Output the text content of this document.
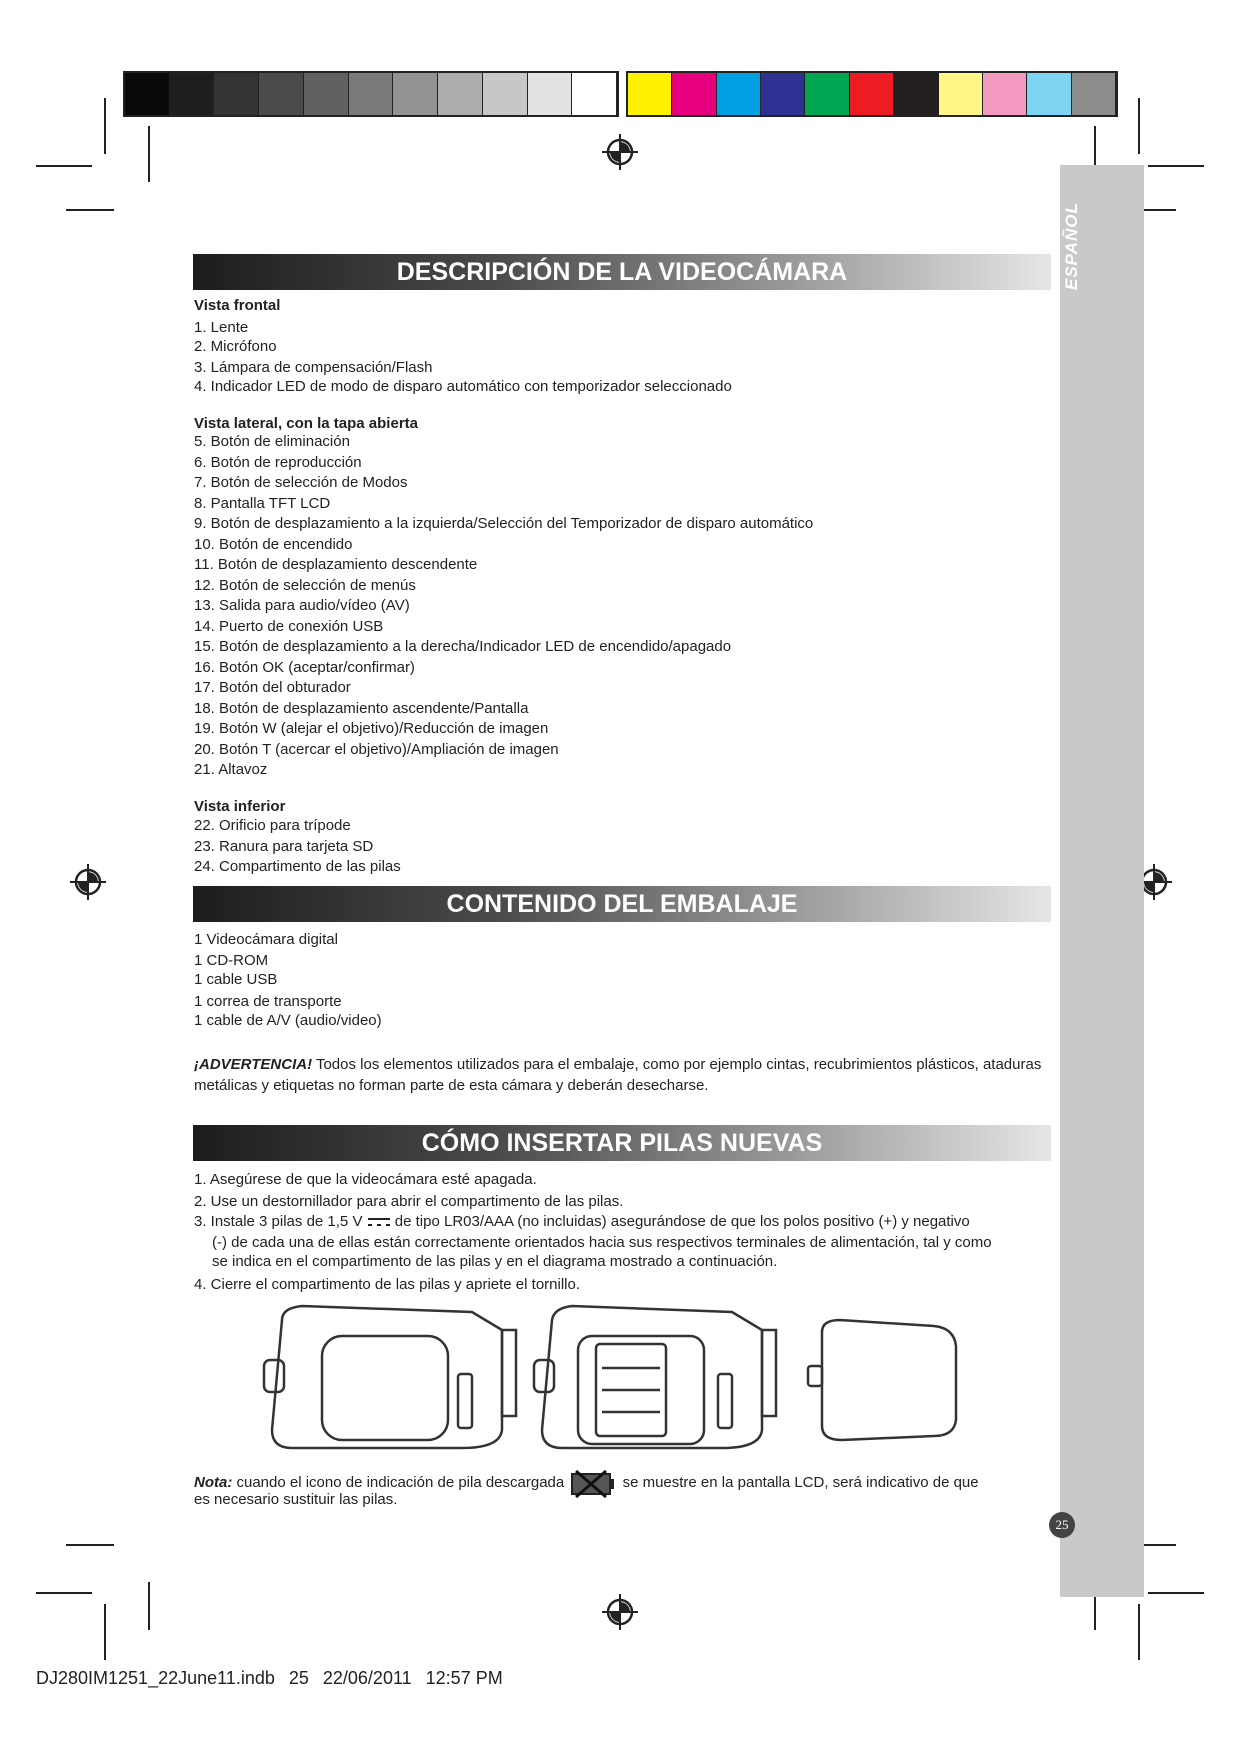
DESCRIPCIÓN DE LA VIDEOCÁMARA
Vista frontal
1. Lente
2. Micrófono
3. Lámpara de compensación/Flash
4. Indicador LED de modo de disparo automático con temporizador seleccionado
Vista lateral, con la tapa abierta
5. Botón de eliminación
6. Botón de reproducción
7. Botón de selección de Modos
8. Pantalla TFT LCD
9. Botón de desplazamiento a la izquierda/Selección del Temporizador de disparo automático
10. Botón de encendido
11. Botón de desplazamiento descendente
12. Botón de selección de menús
13. Salida para audio/vídeo (AV)
14. Puerto de conexión USB
15. Botón de desplazamiento a la derecha/Indicador LED de encendido/apagado
16. Botón OK (aceptar/confirmar)
17. Botón del obturador
18. Botón de desplazamiento ascendente/Pantalla
19. Botón W (alejar el objetivo)/Reducción de imagen
20. Botón T (acercar el objetivo)/Ampliación de imagen
21. Altavoz
Vista inferior
22. Orificio para trípode
23. Ranura para tarjeta SD
24. Compartimento de las pilas
CONTENIDO DEL EMBALAJE
1 Videocámara digital
1 CD-ROM
1 cable USB
1 correa de transporte
1 cable de A/V (audio/video)
¡ADVERTENCIA! Todos los elementos utilizados para el embalaje, como por ejemplo cintas, recubrimientos plásticos, ataduras metálicas y etiquetas no forman parte de esta cámara y deberán desecharse.
CÓMO INSERTAR PILAS NUEVAS
1. Asegúrese de que la videocámara esté apagada.
2. Use un destornillador para abrir el compartimento de las pilas.
3. Instale 3 pilas de 1,5 V  de tipo LR03/AAA (no incluidas) asegurándose de que los polos positivo (+) y negativo
(-) de cada una de ellas están correctamente orientados hacia sus respectivos terminales de alimentación, tal y como
se indica en el compartimento de las pilas y en el diagrama mostrado a continuación.
4. Cierre el compartimento de las pilas y apriete el tornillo.
Nota: cuando el icono de indicación de pila descargada	se muestre en la pantalla LCD, será indicativo de que
es necesario sustituir las pilas.
25
DJ280IM1251_22June11.indb 25 22/06/2011 12:57 PM
